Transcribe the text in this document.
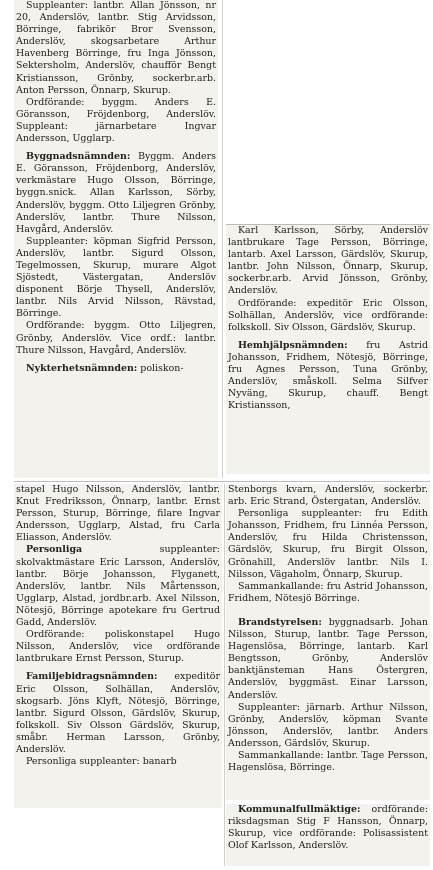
Suppleanter: lantbr. Allan Jönsson, nr 20, Anderslöv, lantbr. Stig Arvidsson, Börringe, fabrikör Bror Svensson, Anderslöv, skogsarbetare Arthur Havenberg Börringe, fru Inga Jönsson, Sektersholm, Anderslöv, chaufför Bengt Kristiansson, Grönby, sockerbr.arb. Anton Persson, Önnarp, Skurup.

Ordförande: byggm. Anders E. Göransson, Fröjdenborg, Anderslöv. Suppleant: järnarbetare Ingvar Andersson, Ugglarp.

Byggnadsnämnden: Byggm. Anders E. Göransson, Fröjdenborg, Anderslöv, verkmästare Hugo Olsson, Börringe, byggn.snick. Allan Karlsson, Sörby, Anderslöv, byggm. Otto Liljegren Grönby, Anderslöv, lantbr. Thure Nilsson, Havgård, Anderslöv.

Suppleanter: köpman Sigfrid Persson, Anderslöv, lantbr. Sigurd Olsson, Tegelmossen, Skurup, murare Algot Sjöstedt, Västergatan, Anderslöv disponent Börje Thysell, Anderslöv, lantbr. Nils Arvid Nilsson, Rävstad, Börringe.

Ordförande: byggm. Otto Liljegren, Grönby, Anderslöv. Vice ordf.: lantbr. Thure Nilsson, Havgård, Anderslöv.

Nykterhetsnämnden: poliskon-

Karl Karlsson, Sörby, Anderslöv lantbrukare Tage Persson, Börringe, lantarb. Axel Larsson, Gärdslöv, Skurup, lantbr. John Nilsson, Önnarp, Skurup, sockerbr.arb. Arvid Jönsson, Grönby, Anderslöv.

Ordförande: expeditör Eric Olsson, Solhällan, Anderslöv, vice ordförande: folkskoll. Siv Olsson, Gärdslöv, Skurup.

Hemhjälpsnämnden: fru Astrid Johansson, Fridhem, Nötesjö, Börringe, fru Agnes Persson, Tuna Grönby, Anderslöv, småskoll. Selma Silfver Nyväng, Skurup, chauff. Bengt Kristiansson,

stapel Hugo Nilsson, Anderslöv, lantbr. Knut Fredriksson, Önnarp, lantbr. Ernst Persson, Sturup, Börringe, filare Ingvar Andersson, Ugglarp, Alstad, fru Carla Eliasson, Anderslöv.

Personliga suppleanter: skolvaktmästare Eric Larsson, Anderslöv, lantbr. Börje Johansson, Flyganett, Anderslöv, lantbr. Nils Mårtensson, Ugglarp, Alstad, jordbr.arb. Axel Nilsson, Nötesjö, Börringe apotekare fru Gertrud Gadd, Anderslöv.

Ordförande: poliskonstapel Hugo Nilsson, Anderslöv, vice ordförande lantbrukare Ernst Persson, Sturup.

Familjebidragsnämnden: expeditör Eric Olsson, Solhällan, Anderslöv, skogsarb. Jöns Klyft, Nötesjö, Börringe, lantbr. Sigurd Olsson, Gärdslöv, Skurup, folkskoll. Siv Olsson Gärdslöv, Skurup, småbr. Herman Larsson, Grönby, Anderslöv.

Personliga suppleanter: banarb

Stenborgs kvarn, Anderslöv, sockerbr. arb. Eric Strand, Östergatan, Anderslöv.

Personliga suppleanter: fru Edith Johansson, Fridhem, fru Linnéa Persson, Anderslöv, fru Hilda Christensson, Gärdslöv, Skurup, fru Birgit Olsson, Grönahill, Anderslöv lantbr. Nils I. Nilsson, Vägaholm, Önnarp, Skurup.

Sammankallande: fru Astrid Johansson, Fridhem, Nötesjö Börringe.

Brandstyrelsen: byggnadsarb. Johan Nilsson, Sturup, lantbr. Tage Persson, Hagenslösa, Börringe, lantarb. Karl Bengtsson, Grönby, Anderslöv banktjänsteman Hans Östergren, Anderslöv, byggmäst. Einar Larsson, Anderslöv.

Suppleanter: järnarb. Arthur Nilsson, Grönby, Anderslöv, köpman Svante Jönsson, Anderslöv, lantbr. Anders Andersson, Gärdslöv, Skurup.

Sammankallande: lantbr. Tage Persson, Hagenslösa, Börringe.

Kommunalfullmäktige: ordförande: riksdagsman Stig F Hansson, Önnarp, Skurup, vice ordförande: Polisassistent Olof Karlsson, Anderslöv.
